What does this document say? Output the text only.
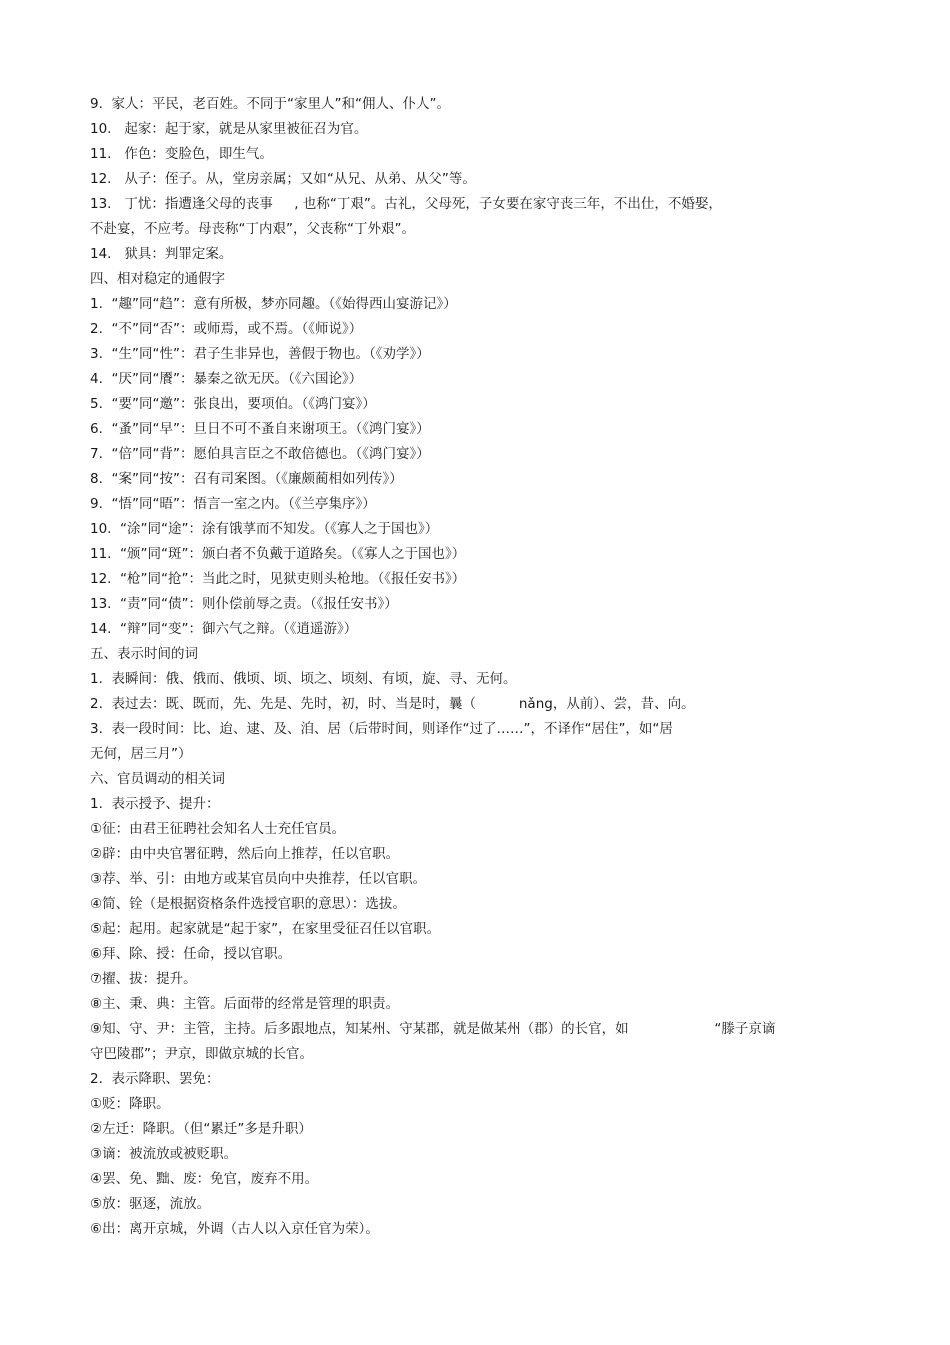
9.  家人：平民，老百姓。不同于“家里人”和“佣人、仆人”。
10.   起家：起于家，就是从家里被征召为官。
11.   作色：变脸色，即生气。
12.   从子：侄子。从，堂房亲属；又如“从兄、从弟、从父”等。
13.   丁忧：指遭逢父母的丧事     , 也称“丁艰”。古礼，父母死，子女要在家守丧三年，不出仕，不婚娶，
不赴宴，不应考。母丧称“丁内艰”，父丧称“丁外艰”。
14.   狱具：判罪定案。
四、相对稳定的通假字
1.  “趣”同“趋”：意有所极，梦亦同趣。（《始得西山宴游记》）
2.  “不”同“否”：或师焉，或不焉。（《师说》）
3.  “生”同“性”：君子生非异也，善假于物也。（《劝学》）
4.  “厌”同“餍”：暴秦之欲无厌。（《六国论》）
5.  “要”同“邀”：张良出，要项伯。（《鸿门宴》）
6.  “蚤”同“早”：旦日不可不蚤自来谢项王。（《鸿门宴》）
7.  “倍”同“背”：愿伯具言臣之不敢倍德也。（《鸿门宴》）
8.  “案”同“按”：召有司案图。（《廉颇蔺相如列传》）
9.  “悟”同“晤”：悟言一室之内。（《兰亭集序》）
10.  “涂”同“途”：涂有饿莩而不知发。（《寡人之于国也》）
11.  “颁”同“斑”：颁白者不负戴于道路矣。（《寡人之于国也》）
12.  “枪”同“抢”：当此之时，见狱吏则头枪地。（《报任安书》）
13.  “责”同“债”：则仆偿前辱之责。（《报任安书》）
14.  “辩”同“变”：御六气之辩。（《逍遥游》）
五、表示时间的词
1.  表瞬间：俄、俄而、俄顷、顷、顷之、顷刻、有顷，旋、寻、无何。
2.  表过去：既、既而，先、先是、先时，初，时、当是时，曩（          nǎng，从前）、尝，昔、向。
3.  表一段时间：比、迨、逮、及、洎、居（后带时间，则译作“过了……”，不译作“居住”，如“居
无何，居三月”）
六、官员调动的相关词
1.  表示授予、提升：
①征：由君王征聘社会知名人士充任官员。
②辟：由中央官署征聘，然后向上推荐，任以官职。
③荐、举、引：由地方或某官员向中央推荐，任以官职。
④简、铨（是根据资格条件选授官职的意思）：选拔。
⑤起：起用。起家就是“起于家”，在家里受征召任以官职。
⑥拜、除、授：任命，授以官职。
⑦擢、拔：提升。
⑧主、秉、典：主管。后面带的经常是管理的职责。
⑨知、守、尹：主管，主持。后多跟地点，知某州、守某郡，就是做某州（郡）的长官，如                    “滕子京谪
守巴陵郡”；尹京，即做京城的长官。
2.  表示降职、罢免：
①贬：降职。
②左迁：降职。（但“累迁”多是升职）
③谪：被流放或被贬职。
④罢、免、黜、废：免官，废弃不用。
⑤放：驱逐，流放。
⑥出：离开京城，外调（古人以入京任官为荣）。
